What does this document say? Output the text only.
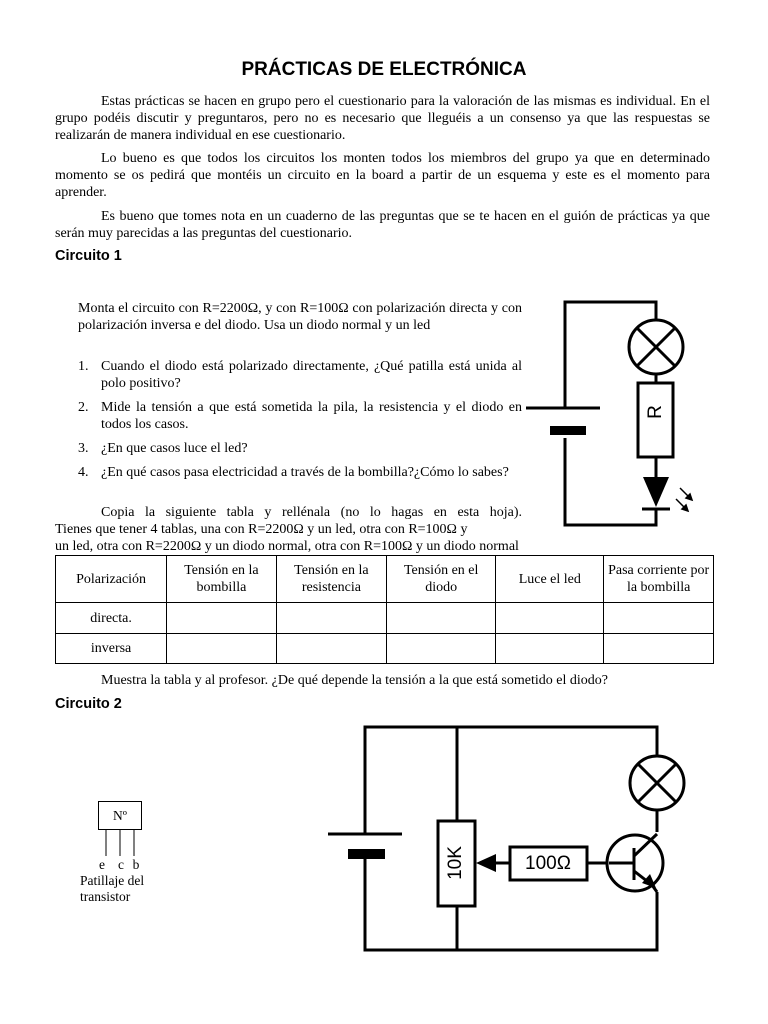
PRÁCTICAS DE ELECTRÓNICA

Estas prácticas se hacen en grupo pero el cuestionario para la valoración de las mismas es individual. En el grupo podéis discutir y preguntaros, pero no es necesario que lleguéis a un consenso ya que las respuestas se realizarán de manera individual en ese cuestionario.

Lo bueno es que todos los circuitos los monten todos los miembros del grupo ya que en determinado momento se os pedirá que montéis un circuito en la board a partir de un esquema y este es el momento para aprender.

Es bueno que tomes nota en un cuaderno de las preguntas que se te hacen en el guión de prácticas ya que serán muy parecidas a las preguntas del cuestionario.

Circuito 1

Monta el circuito con R=2200Ω, y con R=100Ω con polarización directa y con polarización inversa e del diodo. Usa un diodo normal y un led

1. Cuando el diodo está polarizado directamente, ¿Qué patilla está unida al polo positivo?
2. Mide la tensión a que está sometida la pila, la resistencia y el diodo en todos los casos.
3. ¿En que casos luce el led?
4. ¿En qué casos pasa electricidad a través de la bombilla?¿Cómo lo sabes?
Copia la siguiente tabla y rellénala (no lo hagas en esta hoja).
Tienes que tener 4 tablas, una con R=2200Ω y un led, otra con R=100Ω y
un led, otra con R=2200Ω y un diodo normal, otra con R=100Ω y un diodo normal
R
Polarización	Tensión en la bombilla	Tensión en la resistencia	Tensión en el diodo	Luce el led	Pasa corriente por la bombilla
directa.					
inversa					
Muestra la tabla y al profesor. ¿De qué depende la tensión a la que está sometido el diodo?
Circuito 2
Nº
e c b
Patillaje del
transistor
10K	100Ω
